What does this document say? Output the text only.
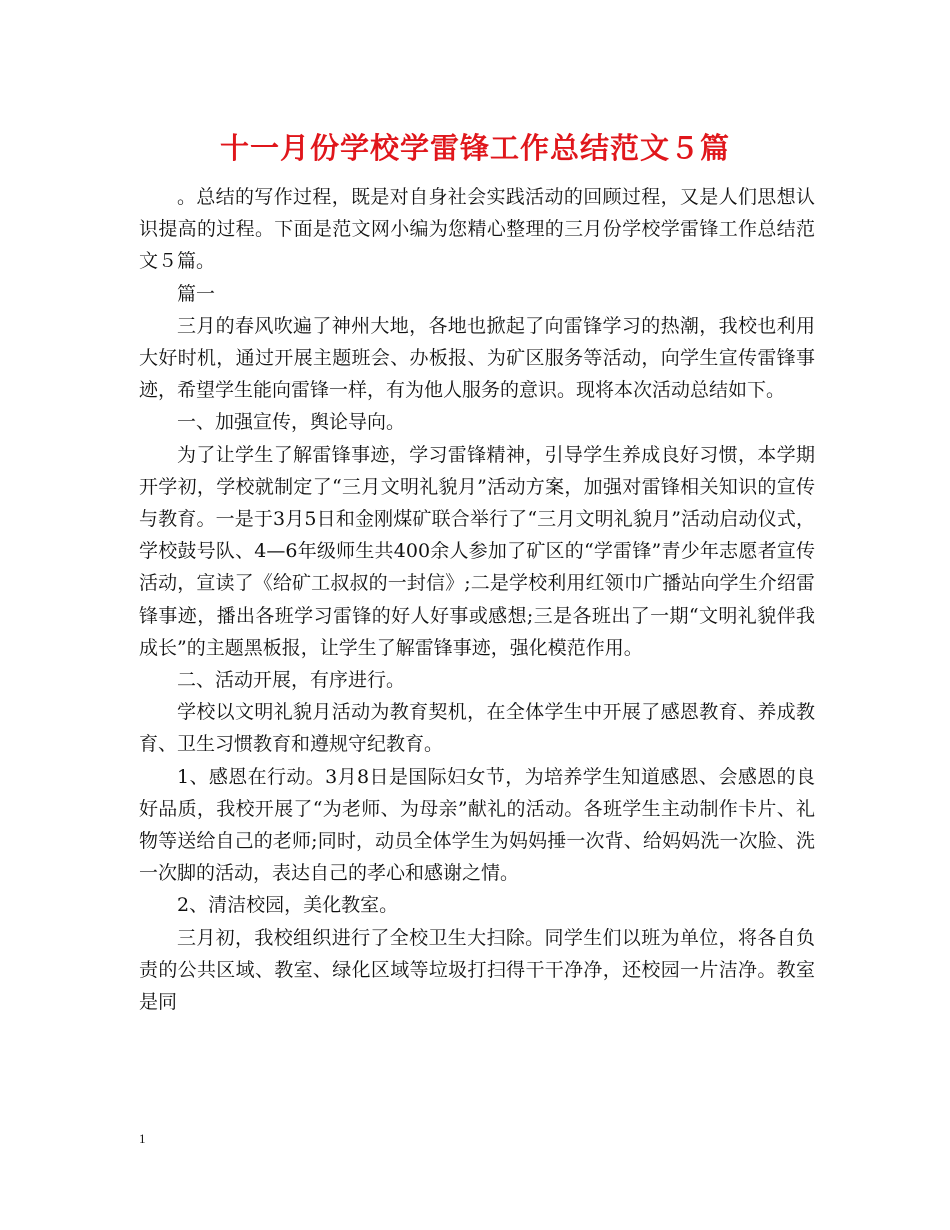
十一月份学校学雷锋工作总结范文５篇

。总结的写作过程，既是对自身社会实践活动的回顾过程，又是人们思想认识提高的过程。下面是范文网小编为您精心整理的三月份学校学雷锋工作总结范文５篇。

篇一

三月的春风吹遍了神州大地，各地也掀起了向雷锋学习的热潮，我校也利用大好时机，通过开展主题班会、办板报、为矿区服务等活动，向学生宣传雷锋事迹，希望学生能向雷锋一样，有为他人服务的意识。现将本次活动总结如下。

一、加强宣传，舆论导向。

为了让学生了解雷锋事迹，学习雷锋精神，引导学生养成良好习惯，本学期开学初，学校就制定了“三月文明礼貌月”活动方案，加强对雷锋相关知识的宣传与教育。一是于3月5日和金刚煤矿联合举行了“三月文明礼貌月”活动启动仪式，学校鼓号队、4—6年级师生共400余人参加了矿区的“学雷锋”青少年志愿者宣传活动，宣读了《给矿工叔叔的一封信》;二是学校利用红领巾广播站向学生介绍雷锋事迹，播出各班学习雷锋的好人好事或感想;三是各班出了一期“文明礼貌伴我成长”的主题黑板报，让学生了解雷锋事迹，强化模范作用。

二、活动开展，有序进行。

学校以文明礼貌月活动为教育契机，在全体学生中开展了感恩教育、养成教育、卫生习惯教育和遵规守纪教育。

1、感恩在行动。3月8日是国际妇女节，为培养学生知道感恩、会感恩的良好品质，我校开展了“为老师、为母亲”献礼的活动。各班学生主动制作卡片、礼物等送给自己的老师;同时，动员全体学生为妈妈捶一次背、给妈妈洗一次脸、洗一次脚的活动，表达自己的孝心和感谢之情。

2、清洁校园，美化教室。

三月初，我校组织进行了全校卫生大扫除。同学生们以班为单位，将各自负责的公共区域、教室、绿化区域等垃圾打扫得干干净净，还校园一片洁净。教室是同

1
